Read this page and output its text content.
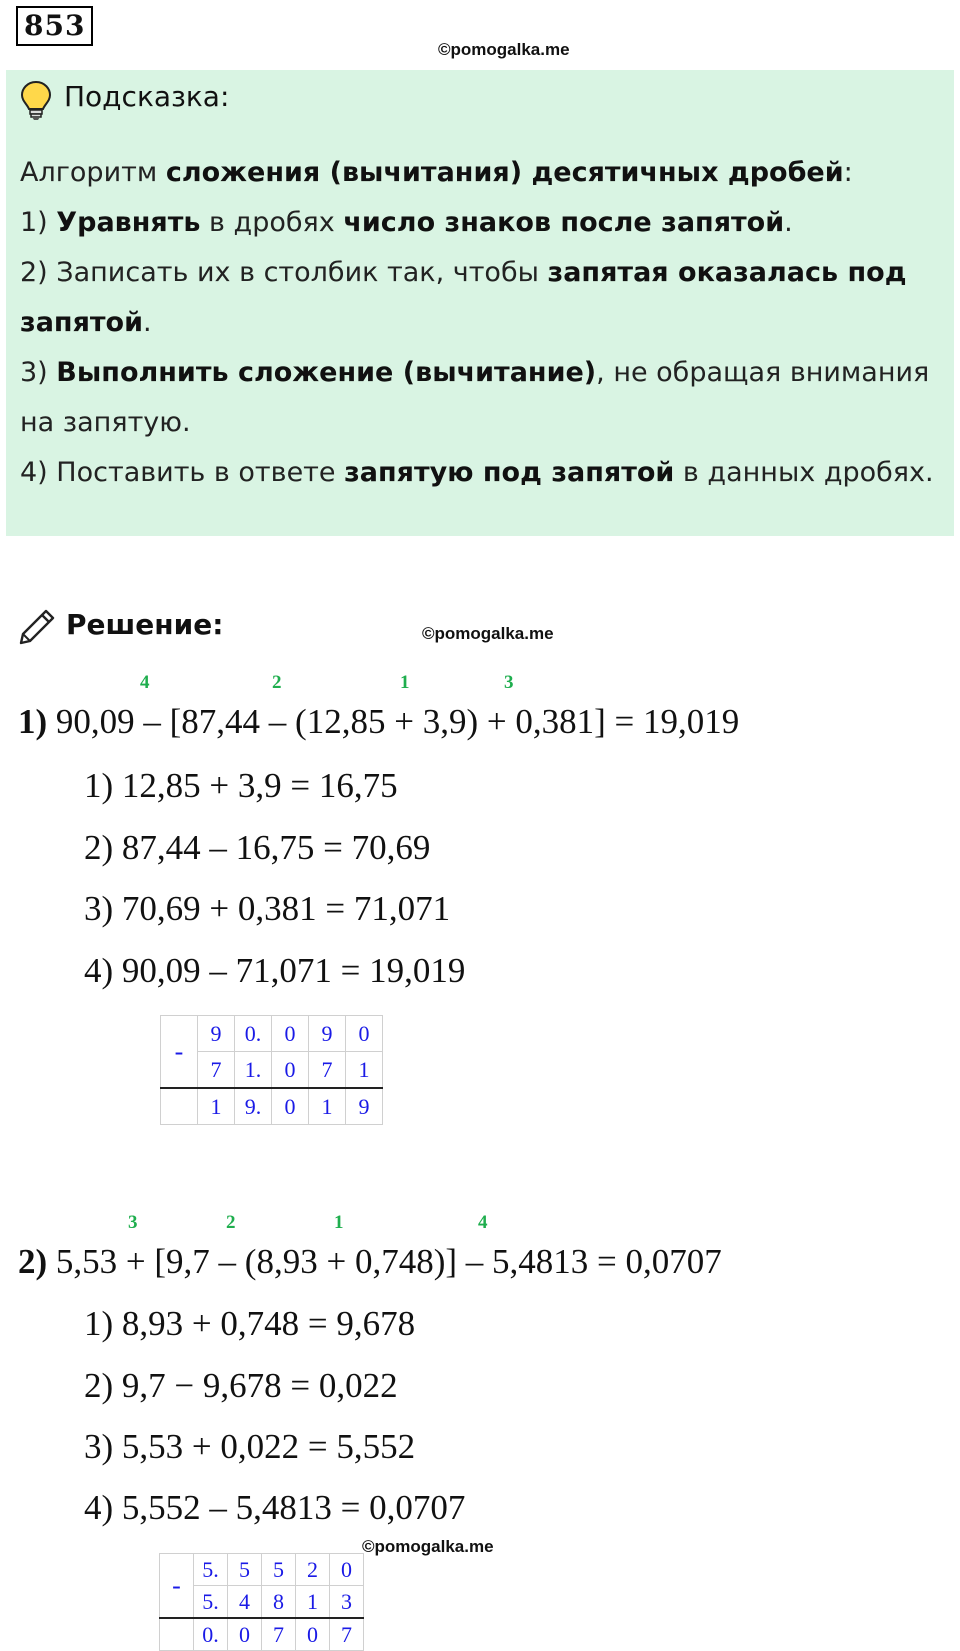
853
©pomogalka.me
Подсказка:

Алгоритм сложения (вычитания) десятичных дробей:

1) Уравнять в дробях число знаков после запятой.

2) Записать их в столбик так, чтобы запятая оказалась под запятой.

3) Выполнить сложение (вычитание), не обращая внимания на запятую.

4) Поставить в ответе запятую под запятой в данных дробях.

Решение:	©pomogalka.me
4	2	1	3
1) 90,09 – [87,44 – (12,85 + 3,9) + 0,381] = 19,019
1) 12,85 + 3,9 = 16,75
2) 87,44 – 16,75 = 70,69
3) 70,69 + 0,381 = 71,071
4) 90,09 – 71,071 = 19,019
-	9	0.	0	9	0
	7	1.	0	7	1
	1	9.	0	1	9
3	2	1	4
2) 5,53 + [9,7 – (8,93 + 0,748)] – 5,4813 = 0,0707
1) 8,93 + 0,748 = 9,678
2) 9,7 − 9,678 = 0,022
3) 5,53 + 0,022 = 5,552
4) 5,552 – 5,4813 = 0,0707
©pomogalka.me
-	5.	5	5	2	0
	5.	4	8	1	3
	0.	0	7	0	7
